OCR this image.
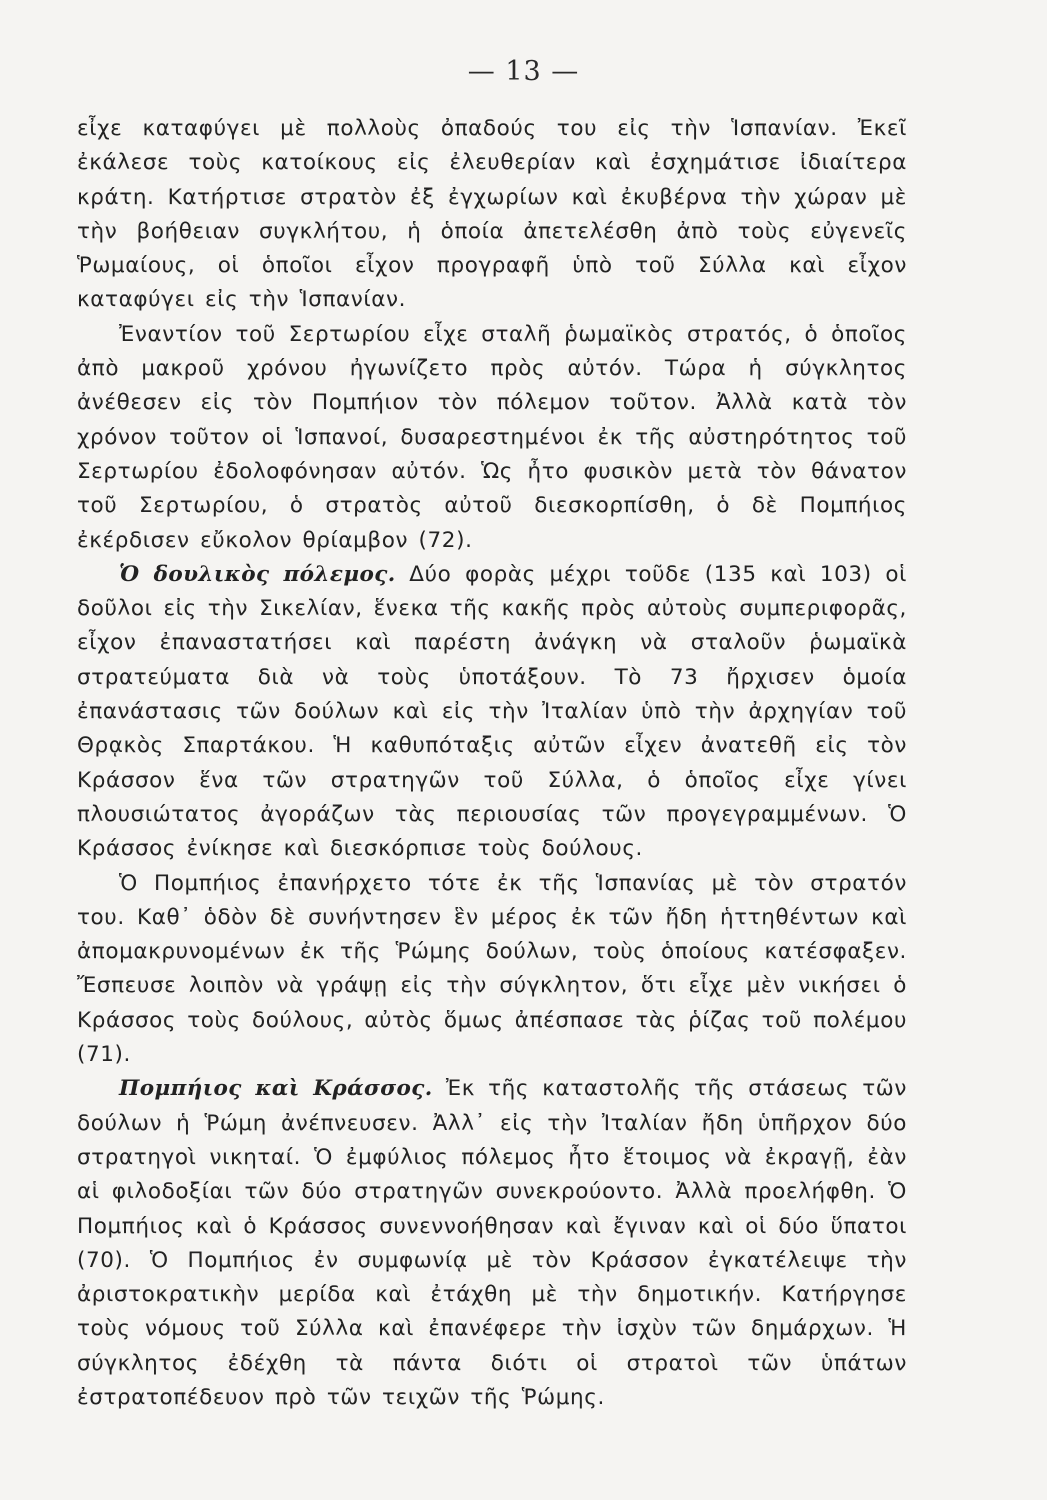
— 13 —

εἶχε καταφύγει μὲ πολλοὺς ὀπαδούς του εἰς τὴν Ἱσπανίαν. Ἐκεῖ ἐκάλεσε τοὺς κατοίκους εἰς ἐλευθερίαν καὶ ἐσχημάτισε ἰδιαίτερα κράτη. Κατήρτισε στρατὸν ἐξ ἐγχωρίων καὶ ἐκυβέρνα τὴν χώραν μὲ τὴν βοήθειαν συγκλήτου, ἡ ὁποία ἀπετελέσθη ἀπὸ τοὺς εὐγενεῖς Ῥωμαίους, οἱ ὁποῖοι εἶχον προγραφῆ ὑπὸ τοῦ Σύλλα καὶ εἶχον καταφύγει εἰς τὴν Ἱσπανίαν.

Ἐναντίον τοῦ Σερτωρίου εἶχε σταλῆ ῥωμαϊκὸς στρατός, ὁ ὁποῖος ἀπὸ μακροῦ χρόνου ἠγωνίζετο πρὸς αὐτόν. Τώρα ἡ σύγκλητος ἀνέθεσεν εἰς τὸν Πομπήιον τὸν πόλεμον τοῦτον. Ἀλλὰ κατὰ τὸν χρόνον τοῦτον οἱ Ἱσπανοί, δυσαρεστημένοι ἐκ τῆς αὐστηρότητος τοῦ Σερτωρίου ἐδολοφόνησαν αὐτόν. Ὡς ἦτο φυσικὸν μετὰ τὸν θάνατον τοῦ Σερτωρίου, ὁ στρατὸς αὐτοῦ διεσκορπίσθη, ὁ δὲ Πομπήιος ἐκέρδισεν εὔκολον θρίαμβον (72).

Ὁ δουλικὸς πόλεμος. Δύο φορὰς μέχρι τοῦδε (135 καὶ 103) οἱ δοῦλοι εἰς τὴν Σικελίαν, ἕνεκα τῆς κακῆς πρὸς αὐτοὺς συμπεριφορᾶς, εἶχον ἐπαναστατήσει καὶ παρέστη ἀνάγκη νὰ σταλοῦν ῥωμαϊκὰ στρατεύματα διὰ νὰ τοὺς ὑποτάξουν. Τὸ 73 ἤρχισεν ὁμοία ἐπανάστασις τῶν δούλων καὶ εἰς τὴν Ἰταλίαν ὑπὸ τὴν ἀρχηγίαν τοῦ Θρᾳκὸς Σπαρτάκου. Ἡ καθυπόταξις αὐτῶν εἶχεν ἀνατεθῆ εἰς τὸν Κράσσον ἕνα τῶν στρατηγῶν τοῦ Σύλλα, ὁ ὁποῖος εἶχε γίνει πλουσιώτατος ἀγοράζων τὰς περιουσίας τῶν προγεγραμμένων. Ὁ Κράσσος ἐνίκησε καὶ διεσκόρπισε τοὺς δούλους.

Ὁ Πομπήιος ἐπανήρχετο τότε ἐκ τῆς Ἱσπανίας μὲ τὸν στρατόν του. Καθ᾽ ὁδὸν δὲ συνήντησεν ἓν μέρος ἐκ τῶν ἤδη ἡττηθέντων καὶ ἀπομακρυνομένων ἐκ τῆς Ῥώμης δούλων, τοὺς ὁποίους κατέσφαξεν. Ἔσπευσε λοιπὸν νὰ γράψῃ εἰς τὴν σύγκλητον, ὅτι εἶχε μὲν νικήσει ὁ Κράσσος τοὺς δούλους, αὐτὸς ὅμως ἀπέσπασε τὰς ῥίζας τοῦ πολέμου (71).

Πομπήιος καὶ Κράσσος. Ἐκ τῆς καταστολῆς τῆς στάσεως τῶν δούλων ἡ Ῥώμη ἀνέπνευσεν. Ἀλλ᾽ εἰς τὴν Ἰταλίαν ἤδη ὑπῆρχον δύο στρατηγοὶ νικηταί. Ὁ ἐμφύλιος πόλεμος ἦτο ἕτοιμος νὰ ἐκραγῇ, ἐὰν αἱ φιλοδοξίαι τῶν δύο στρατηγῶν συνεκρούοντο. Ἀλλὰ προελήφθη. Ὁ Πομπήιος καὶ ὁ Κράσσος συνεννοήθησαν καὶ ἔγιναν καὶ οἱ δύο ὕπατοι (70). Ὁ Πομπήιος ἐν συμφωνίᾳ μὲ τὸν Κράσσον ἐγκατέλειψε τὴν ἀριστοκρατικὴν μερίδα καὶ ἐτάχθη μὲ τὴν δημοτικήν. Κατήργησε τοὺς νόμους τοῦ Σύλλα καὶ ἐπανέφερε τὴν ἰσχὺν τῶν δημάρχων. Ἡ σύγκλητος ἐδέχθη τὰ πάντα διότι οἱ στρατοὶ τῶν ὑπάτων ἐστρατοπέδευον πρὸ τῶν τειχῶν τῆς Ῥώμης.
